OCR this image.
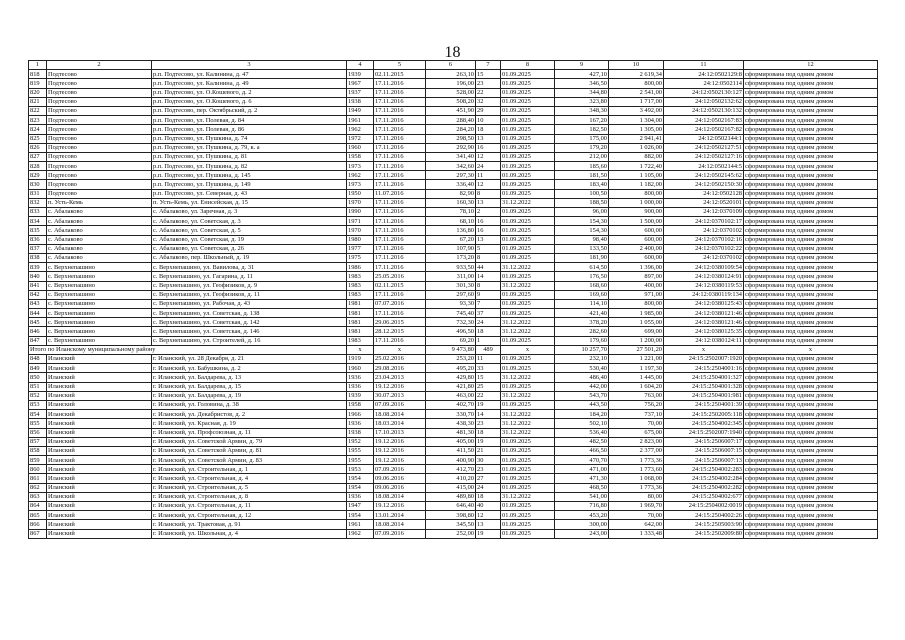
18
1	2	3	4	5	6	7	8	9	10	11	12
818	Подтесово	р.п. Подтесово, ул. Калинина, д. 47	1939	02.11.2015	263,10	15	01.09.2025	427,10	2 619,34	24:12:0502129:8	сформирована под одним домом
819	Подтесово	р.п. Подтесово, ул. Калинина, д. 49	1967	17.11.2016	196,00	23	01.09.2025	346,50	800,00	24:12:0502114	сформирована под одним домом
820	Подтесово	р.п. Подтесово, ул. О.Кошевого, д. 2	1937	17.11.2016	528,00	22	01.09.2025	344,80	2 541,00	24:12:0502130:127	сформирована под одним домом
821	Подтесово	р.п. Подтесово, ул. О.Кошевого, д. 6	1938	17.11.2016	508,20	32	01.09.2025	323,80	1 717,00	24:12:0502132:62	сформирована под одним домом
822	Подтесово	р.п. Подтесово, пер. Октябрьский, д. 2	1949	17.11.2016	451,90	29	01.09.2025	348,30	3 492,00	24:12:0502130:132	сформирована под одним домом
823	Подтесово	р.п. Подтесово, ул. Полевая, д. 84	1961	17.11.2016	288,40	10	01.09.2025	167,20	1 304,00	24:12:0502167:83	сформирована под одним домом
824	Подтесово	р.п. Подтесово, ул. Полевая, д. 86	1962	17.11.2016	284,20	18	01.09.2025	182,50	1 305,00	24:12:0502167:82	сформирована под одним домом
825	Подтесово	р.п. Подтесово, ул. Пушкина, д. 74	1972	17.11.2016	298,50	13	01.09.2025	175,00	2 941,41	24:12:0502144:1	сформирована под одним домом
826	Подтесово	р.п. Подтесово, ул. Пушкина, д. 79, к. а	1960	17.11.2016	292,90	16	01.09.2025	179,20	1 026,00	24:12:0502127:51	сформирована под одним домом
827	Подтесово	р.п. Подтесово, ул. Пушкина, д. 81	1958	17.11.2016	341,40	12	01.09.2025	212,00	882,00	24:12:0502127:16	сформирована под одним домом
828	Подтесово	р.п. Подтесово, ул. Пушкина, д. 82	1973	17.11.2016	342,60	24	01.09.2025	185,60	1 722,40	24:12:0502144:5	сформирована под одним домом
829	Подтесово	р.п. Подтесово, ул. Пушкина, д. 145	1962	17.11.2016	297,30	11	01.09.2025	181,50	1 105,00	24:12:0502145:62	сформирована под одним домом
830	Подтесово	р.п. Подтесово, ул. Пушкина, д. 149	1973	17.11.2016	336,40	12	01.09.2025	183,40	1 182,00	24:12:0502150:30	сформирована под одним домом
831	Подтесово	р.п. Подтесово, ул. Северная, д. 43	1950	11.07.2016	82,90	8	01.09.2025	100,50	800,00	24:12:0502128	сформирована под одним домом
832	п. Усть-Кемь	п. Усть-Кемь, ул. Енисейская, д. 15	1970	17.11.2016	160,30	13	31.12.2022	188,50	1 000,00	24:12:0520101	сформирована под одним домом
833	с. Абалаково	с. Абалаково, ул. Заречная, д. 3	1990	17.11.2016	78,10	2	01.09.2025	96,00	900,00	24:12:0370109	сформирована под одним домом
834	с. Абалаково	с. Абалаково, ул. Советская, д. 3	1971	17.11.2016	68,10	16	01.09.2025	154,30	1 500,00	24:12:0370102:17	сформирована под одним домом
835	с. Абалаково	с. Абалаково, ул. Советская, д. 5	1970	17.11.2016	136,80	16	01.09.2025	154,30	600,00	24:12:0370102	сформирована под одним домом
836	с. Абалаково	с. Абалаково, ул. Советская, д. 19	1980	17.11.2016	67,20	13	01.09.2025	98,40	600,00	24:12:0370102:16	сформирована под одним домом
837	с. Абалаково	с. Абалаково, ул. Советская, д. 26	1977	17.11.2016	107,90	5	01.09.2025	133,50	2 400,00	24:12:0370102:22	сформирована под одним домом
838	с. Абалаково	с. Абалаково, пер. Школьный, д. 19	1975	17.11.2016	173,20	8	01.09.2025	181,90	600,00	24:12:0370102	сформирована под одним домом
839	с. Верхнепашино	с. Верхнепашино, ул. Вавилова, д. 31	1986	17.11.2016	933,50	44	31.12.2022	614,50	1 396,00	24:12:0380109:54	сформирована под одним домом
840	с. Верхнепашино	с. Верхнепашино, ул. Гагарина, д. 11	1983	25.05.2016	311,00	14	01.09.2025	176,50	897,00	24:12:0380124:91	сформирована под одним домом
841	с. Верхнепашино	с. Верхнепашино, ул. Геофизиков, д. 9	1983	02.11.2015	301,30	8	31.12.2022	168,60	400,00	24:12:0380119:53	сформирована под одним домом
842	с. Верхнепашино	с. Верхнепашино, ул. Геофизиков, д. 11	1983	17.11.2016	297,60	9	01.09.2025	169,60	971,00	24:12:0380119:134	сформирована под одним домом
843	с. Верхнепашино	с. Верхнепашино, ул. Рабочая, д. 43	1981	07.07.2016	93,30	7	01.09.2025	114,10	800,00	24:12:0380125:43	сформирована под одним домом
844	с. Верхнепашино	с. Верхнепашино, ул. Советская, д. 138	1981	17.11.2016	745,40	37	01.09.2025	421,40	1 985,00	24:12:0380121:46	сформирована под одним домом
845	с. Верхнепашино	с. Верхнепашино, ул. Советская, д. 142	1981	29.06.2015	732,30	24	31.12.2022	378,20	1 055,00	24:12:0380121:46	сформирована под одним домом
846	с. Верхнепашино	с. Верхнепашино, ул. Советская, д. 146	1981	28.12.2015	496,50	18	31.12.2022	282,60	699,00	24:12:0380125:35	сформирована под одним домом
847	с. Верхнепашино	с. Верхнепашино, ул. Строителей, д. 16	1983	17.11.2016	69,20	1	01.09.2025	179,60	1 200,00	24:12:0380124:11	сформирована под одним домом
Итого по Иланскому муниципальному району			x	x	9 473,80	489	x	10 257,70	27 501,20	x	x
848	Иланский	г. Иланский, ул. 28 Декабря, д. 21	1919	25.02.2016	253,20	11	01.09.2025	232,10	1 221,00	24:15:2502007:1920	сформирована под одним домом
849	Иланский	г. Иланский, ул. Бабушкина, д. 2	1960	29.08.2016	495,20	33	01.09.2025	530,40	1 197,30	24:15:2504001:16	сформирована под одним домом
850	Иланский	г. Иланский, ул. Балдарева, д. 13	1936	23.04.2013	429,80	15	31.12.2022	486,40	1 445,00	24:15:2504001:327	сформирована под одним домом
851	Иланский	г. Иланский, ул. Балдарева, д. 15	1936	19.12.2016	421,80	25	01.09.2025	442,00	1 604,20	24:15:2504001:328	сформирована под одним домом
852	Иланский	г. Иланский, ул. Балдарева, д. 19	1939	30.07.2013	463,00	22	31.12.2022	543,70	763,00	24:15:2504001:981	сформирована под одним домом
853	Иланский	г. Иланский, ул. Головина, д. 38	1958	07.09.2016	402,70	19	01.09.2025	443,50	756,20	24:15:2504001:39	сформирована под одним домом
854	Иланский	г. Иланский, ул. Декабристов, д. 2	1966	18.08.2014	330,70	14	31.12.2022	184,20	737,10	24:15:2502005:118	сформирована под одним домом
855	Иланский	г. Иланский, ул. Красная, д. 19	1936	18.03.2014	438,30	23	31.12.2022	502,10	70,00	24:15:2504002:345	сформирована под одним домом
856	Иланский	г. Иланский, ул. Профсоюзная, д. 11	1938	17.10.2013	481,30	18	31.12.2022	536,40	675,00	24:15:2502007:1940	сформирована под одним домом
857	Иланский	г. Иланский, ул. Советской Армии, д. 79	1952	19.12.2016	405,00	19	01.09.2025	482,50	2 823,00	24:15:2506007:17	сформирована под одним домом
858	Иланский	г. Иланский, ул. Советской Армии, д. 81	1955	19.12.2016	411,50	21	01.09.2025	466,50	2 377,00	24:15:2506007:15	сформирована под одним домом
859	Иланский	г. Иланский, ул. Советской Армии, д. 83	1955	19.12.2016	400,90	30	01.09.2025	470,70	1 773,36	24:15:2506007:13	сформирована под одним домом
860	Иланский	г. Иланский, ул. Строительная, д. 1	1953	07.09.2016	412,70	23	01.09.2025	471,00	1 773,60	24:15:2504002:283	сформирована под одним домом
861	Иланский	г. Иланский, ул. Строительная, д. 4	1954	09.06.2016	410,20	27	01.09.2025	471,30	1 068,00	24:15:2504002:284	сформирована под одним домом
862	Иланский	г. Иланский, ул. Строительная, д. 5	1954	09.06.2016	415,00	24	01.09.2025	468,50	1 773,36	24:15:2504002:282	сформирована под одним домом
863	Иланский	г. Иланский, ул. Строительная, д. 8	1936	18.08.2014	489,80	18	31.12.2022	541,00	80,00	24:15:2504002:677	сформирована под одним домом
864	Иланский	г. Иланский, ул. Строительная, д. 11	1947	19.12.2016	646,40	40	01.09.2025	716,80	1 969,70	24:15:2504002:0019	сформирована под одним домом
865	Иланский	г. Иланский, ул. Строительная, д. 12	1954	13.01.2014	398,80	12	01.09.2025	453,20	70,00	24:15:2504002:26	сформирована под одним домом
866	Иланский	г. Иланский, ул. Трактовая, д. 91	1961	18.08.2014	345,50	13	01.09.2025	300,00	642,00	24:15:2505003:90	сформирована под одним домом
867	Иланский	г. Иланский, ул. Школьная, д. 4	1962	07.09.2016	252,00	19	01.09.2025	243,00	1 333,48	24:15:2502009:80	сформирована под одним домом
